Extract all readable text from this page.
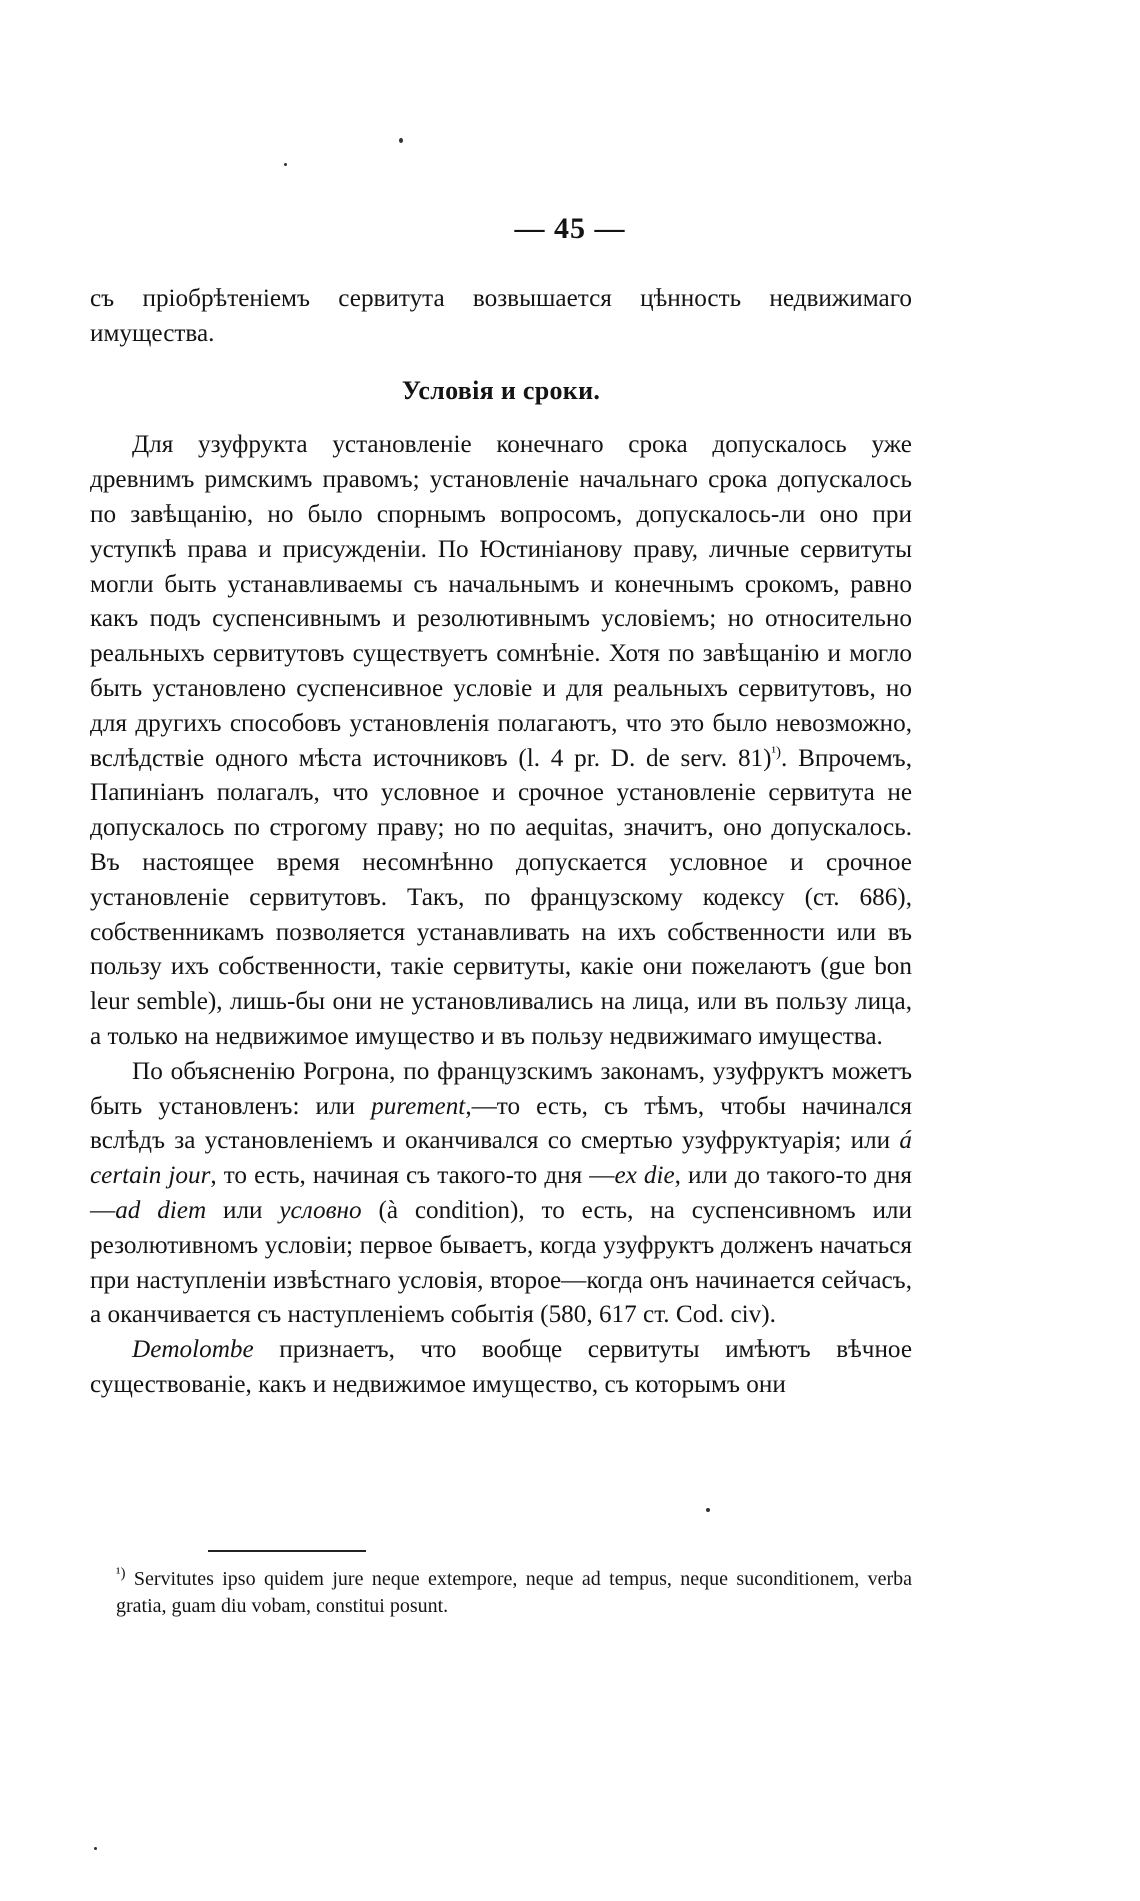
— 45 —

съ пріобрѣтеніемъ сервитута возвышается цѣнность недвижимаго имущества.

Условія и сроки.

Для узуфрукта установленіе конечнаго срока допускалось уже древнимъ римскимъ правомъ; установленіе начальнаго срока допускалось по завѣщанію, но было спорнымъ вопросомъ, допускалось-ли оно при уступкѣ права и присужденіи. По Юстиніанову праву, личные сервитуты могли быть устанавливаемы съ начальнымъ и конечнымъ срокомъ, равно какъ подъ суспенсивнымъ и резолютивнымъ условіемъ; но относительно реальныхъ сервитутовъ существуетъ сомнѣніе. Хотя по завѣщанію и могло быть установлено суспенсивное условіе и для реальныхъ сервитутовъ, но для другихъ способовъ установленія полагаютъ, что это было невозможно, вслѣдствіе одного мѣста источниковъ (l. 4 pr. D. de serv. 81)$^{^1)}$. Впрочемъ, Папиніанъ полагалъ, что условное и срочное установленіе сервитута не допускалось по строгому праву; но по aequitas, значитъ, оно допускалось. Въ настоящее время несомнѣнно допускается условное и срочное установленіе сервитутовъ. Такъ, по французскому кодексу (ст. 686), собственникамъ позволяется устанавливать на ихъ собственности или въ пользу ихъ собственности, такіе сервитуты, какіе они пожелаютъ (gue bon leur semble), лишь-бы они не установливались на лица, или въ пользу лица, а только на недвижимое имущество и въ пользу недвижимаго имущества.

По объясненію Рогрона, по французскимъ законамъ, узуфруктъ можетъ быть установленъ: или purement,—то есть, съ тѣмъ, чтобы начинался вслѣдъ за установленіемъ и оканчивался со смертью узуфруктуарія; или á certain jour, то есть, начиная съ такого-то дня —ex die, или до такого-то дня—ad diem или условно (à condition), то есть, на суспенсивномъ или резолютивномъ условіи; первое бываетъ, когда узуфруктъ долженъ начаться при наступленіи извѣстнаго условія, второе—когда онъ начинается сейчасъ, а оканчивается съ наступленіемъ событія (580, 617 ст. Cod. civ).

Demolombe признаетъ, что вообще сервитуты имѣютъ вѣчное существованіе, какъ и недвижимое имущество, съ которымъ они

$^{^1)}$ Servitutes ipso quidem jure neque extempore, neque ad tempus, neque suconditionem, verba gratia, guam diu vobam, constitui posunt.
